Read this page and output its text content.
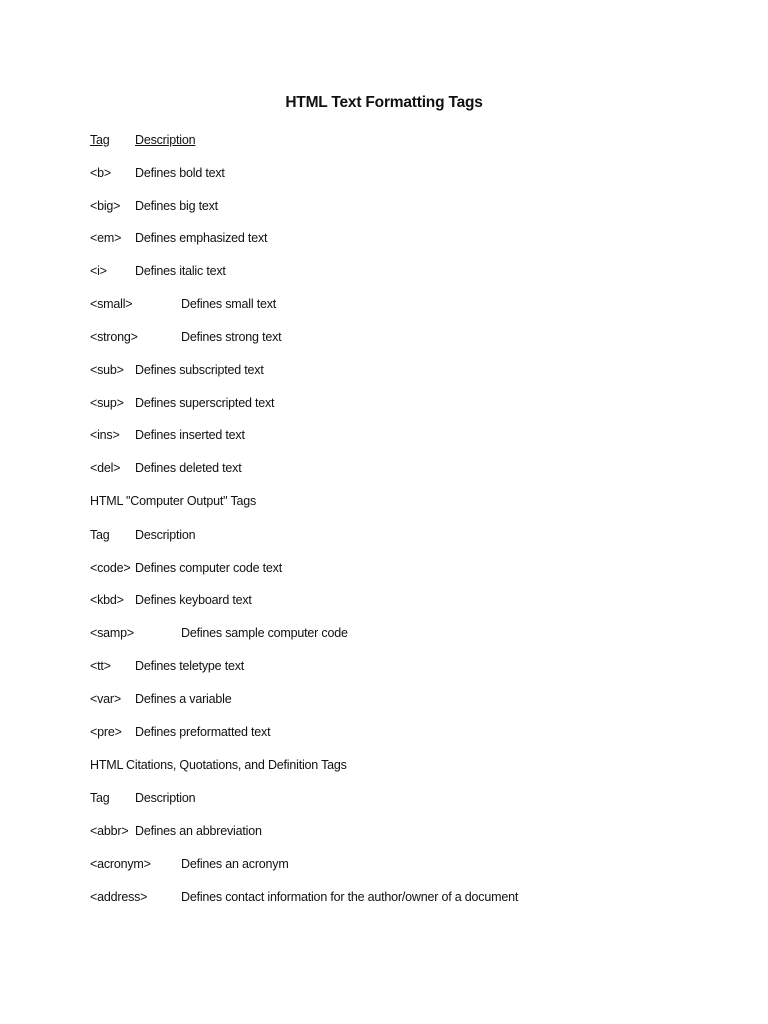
HTML Text Formatting Tags
Tag Description
<b> Defines bold text
<big> Defines big text
<em> Defines emphasized text
<i> Defines italic text
<small>	Defines small text
<strong>	Defines strong text
<sub> Defines subscripted text
<sup> Defines superscripted text
<ins> Defines inserted text
<del> Defines deleted text
HTML "Computer Output" Tags
Tag Description
<code> Defines computer code text
<kbd> Defines keyboard text
<samp>	Defines sample computer code
<tt> Defines teletype text
<var> Defines a variable
<pre> Defines preformatted text
HTML Citations, Quotations, and Definition Tags
Tag Description
<abbr> Defines an abbreviation
<acronym> Defines an acronym
<address>	Defines contact information for the author/owner of a document
